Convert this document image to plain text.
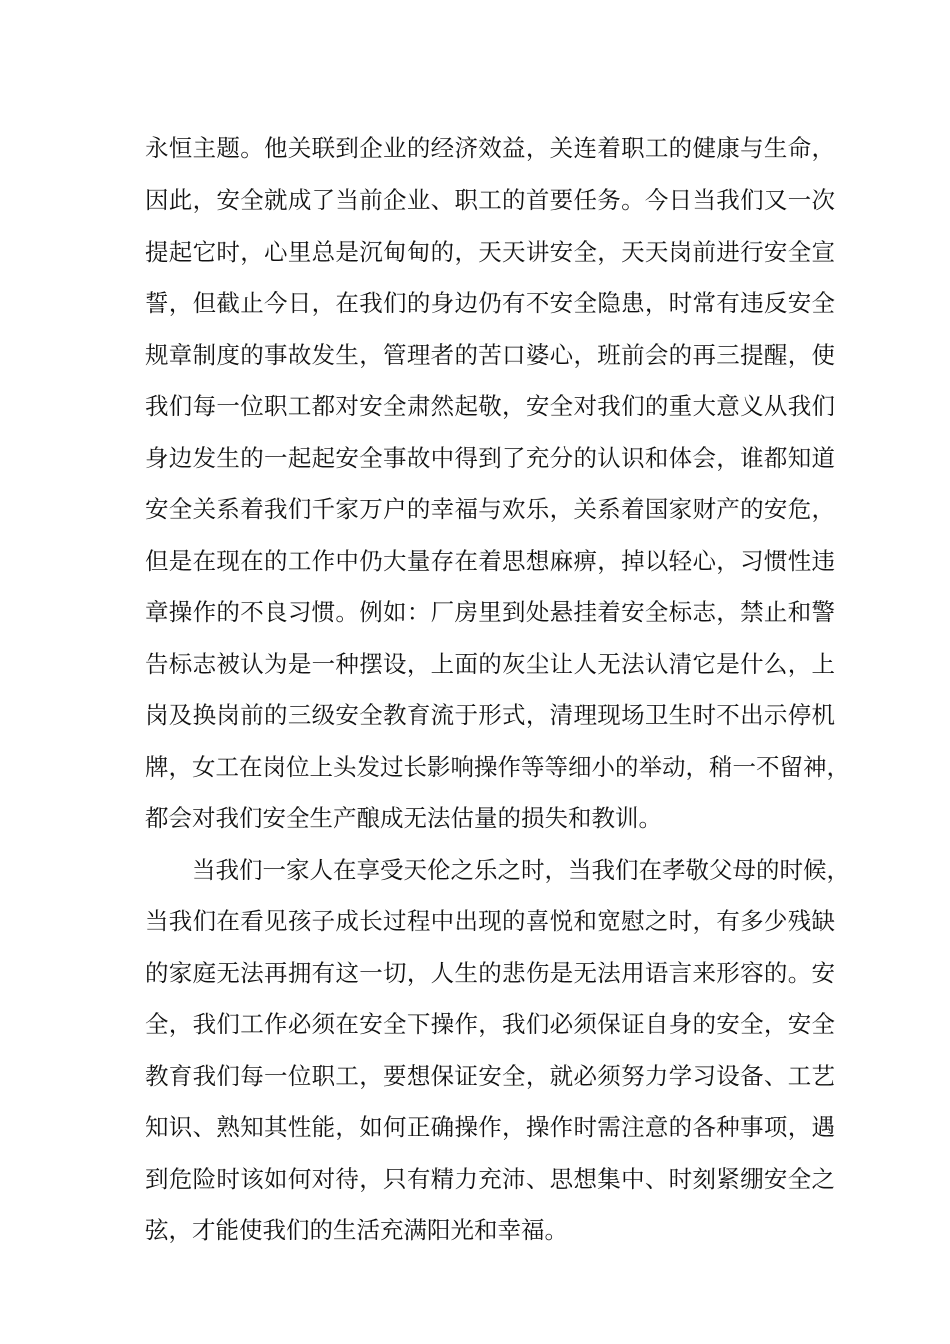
永恒主题。他关联到企业的经济效益，关连着职工的健康与生命，
因此，安全就成了当前企业、职工的首要任务。今日当我们又一次
提起它时，心里总是沉甸甸的，天天讲安全，天天岗前进行安全宣
誓，但截止今日，在我们的身边仍有不安全隐患，时常有违反安全
规章制度的事故发生，管理者的苦口婆心，班前会的再三提醒，使
我们每一位职工都对安全肃然起敬，安全对我们的重大意义从我们
身边发生的一起起安全事故中得到了充分的认识和体会，谁都知道
安全关系着我们千家万户的幸福与欢乐，关系着国家财产的安危，
但是在现在的工作中仍大量存在着思想麻痹，掉以轻心，习惯性违
章操作的不良习惯。例如：厂房里到处悬挂着安全标志，禁止和警
告标志被认为是一种摆设，上面的灰尘让人无法认清它是什么，上
岗及换岗前的三级安全教育流于形式，清理现场卫生时不出示停机
牌，女工在岗位上头发过长影响操作等等细小的举动，稍一不留神，
都会对我们安全生产酿成无法估量的损失和教训。
当我们一家人在享受天伦之乐之时，当我们在孝敬父母的时候，
当我们在看见孩子成长过程中出现的喜悦和宽慰之时，有多少残缺
的家庭无法再拥有这一切，人生的悲伤是无法用语言来形容的。安
全，我们工作必须在安全下操作，我们必须保证自身的安全，安全
教育我们每一位职工，要想保证安全，就必须努力学习设备、工艺
知识、熟知其性能，如何正确操作，操作时需注意的各种事项，遇
到危险时该如何对待，只有精力充沛、思想集中、时刻紧绷安全之
弦，才能使我们的生活充满阳光和幸福。
